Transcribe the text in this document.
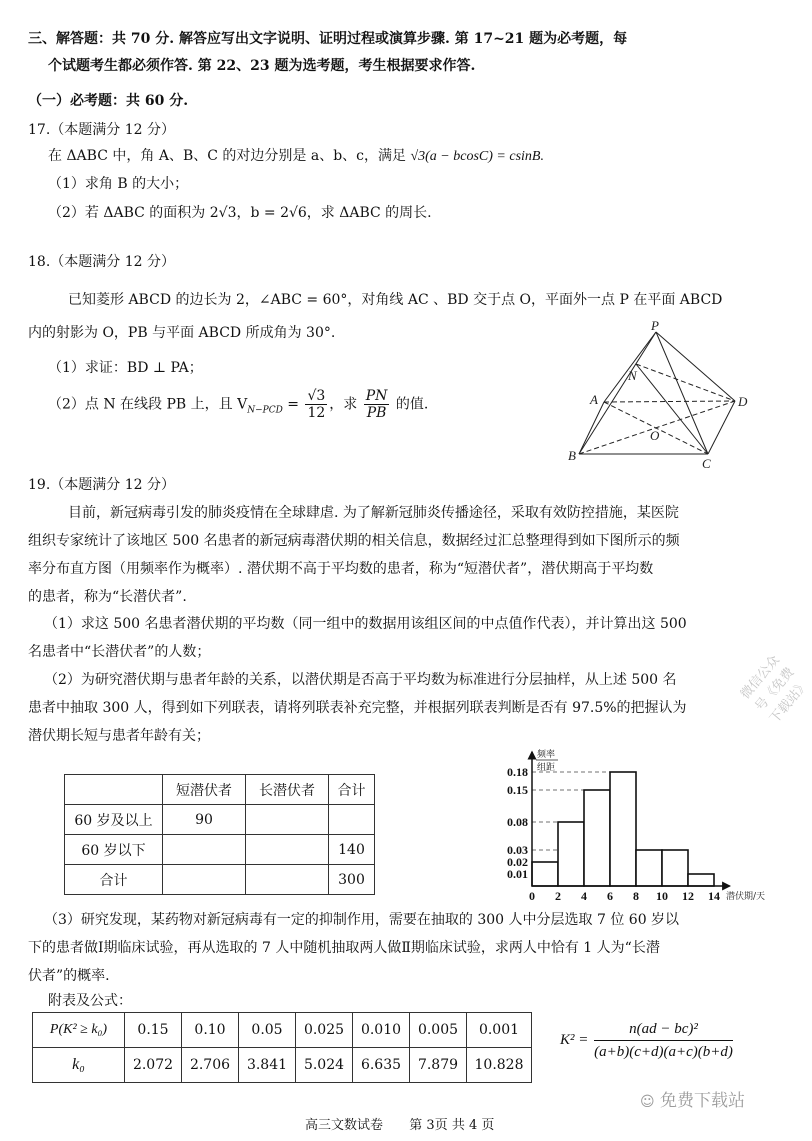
三、解答题：共 70 分. 解答应写出文字说明、证明过程或演算步骤. 第 17~21 题为必考题，每
个试题考生都必须作答. 第 22、23 题为选考题，考生根据要求作答.
（一）必考题：共 60 分.
17.（本题满分 12 分）
在 ΔABC 中，角 A、B、C 的对边分别是 a、b、c，满足 √3(a − bcosC) = csinB.
（1）求角 B 的大小；
（2）若 ΔABC 的面积为 2√3，b = 2√6，求 ΔABC 的周长.
18.（本题满分 12 分）
已知菱形 ABCD 的边长为 2，∠ABC = 60°，对角线 AC 、BD 交于点 O，平面外一点 P 在平面 ABCD
内的射影为 O，PB 与平面 ABCD 所成角为 30°.
（1）求证：BD ⊥ PA；
（2）点 N 在线段 PB 上，且 $V_{N-PCD} = \frac{√3}{12}$ ，求 $\frac{PN}{PB}$ 的值.
P
N
A	D
O
B
C
19.（本题满分 12 分）
目前，新冠病毒引发的肺炎疫情在全球肆虐. 为了解新冠肺炎传播途径，采取有效防控措施，某医院
组织专家统计了该地区 500 名患者的新冠病毒潜伏期的相关信息，数据经过汇总整理得到如下图所示的频
率分布直方图（用频率作为概率）. 潜伏期不高于平均数的患者，称为“短潜伏者”，潜伏期高于平均数
的患者，称为“长潜伏者”.
（1）求这 500 名患者潜伏期的平均数（同一组中的数据用该组区间的中点值作代表），并计算出这 500
名患者中“长潜伏者”的人数；
（2）为研究潜伏期与患者年龄的关系，以潜伏期是否高于平均数为标准进行分层抽样，从上述 500 名
患者中抽取 300 人，得到如下列联表，请将列联表补充完整，并根据列联表判断是否有 97.5%的把握认为
潜伏期长短与患者年龄有关；
	短潜伏者	长潜伏者	合计
60 岁及以上	90		
60 岁以下			140
合计			300
0.18
0.15
0.08
0.03
0.02
0.01
0 2 4 6 8 10 12 14
频率
组距
潜伏期/天
（3）研究发现，某药物对新冠病毒有一定的抑制作用，需要在抽取的 300 人中分层选取 7 位 60 岁以
下的患者做Ⅰ期临床试验，再从选取的 7 人中随机抽取两人做Ⅱ期临床试验，求两人中恰有 1 人为“长潜
伏者”的概率.
附表及公式：
P(K² ≥ k₀)	0.15	0.10	0.05	0.025	0.010	0.005	0.001
k₀	2.072	2.706	3.841	5.024	6.635	7.879	10.828
$K^2 = \frac{\text{n(ad − bc)²}}{(a+b)(c+d)(a+c)(b+d)}$
微信公众号《免费下载站》
☺ 免费下载站
高三文数试卷 第 3页 共 4 页
